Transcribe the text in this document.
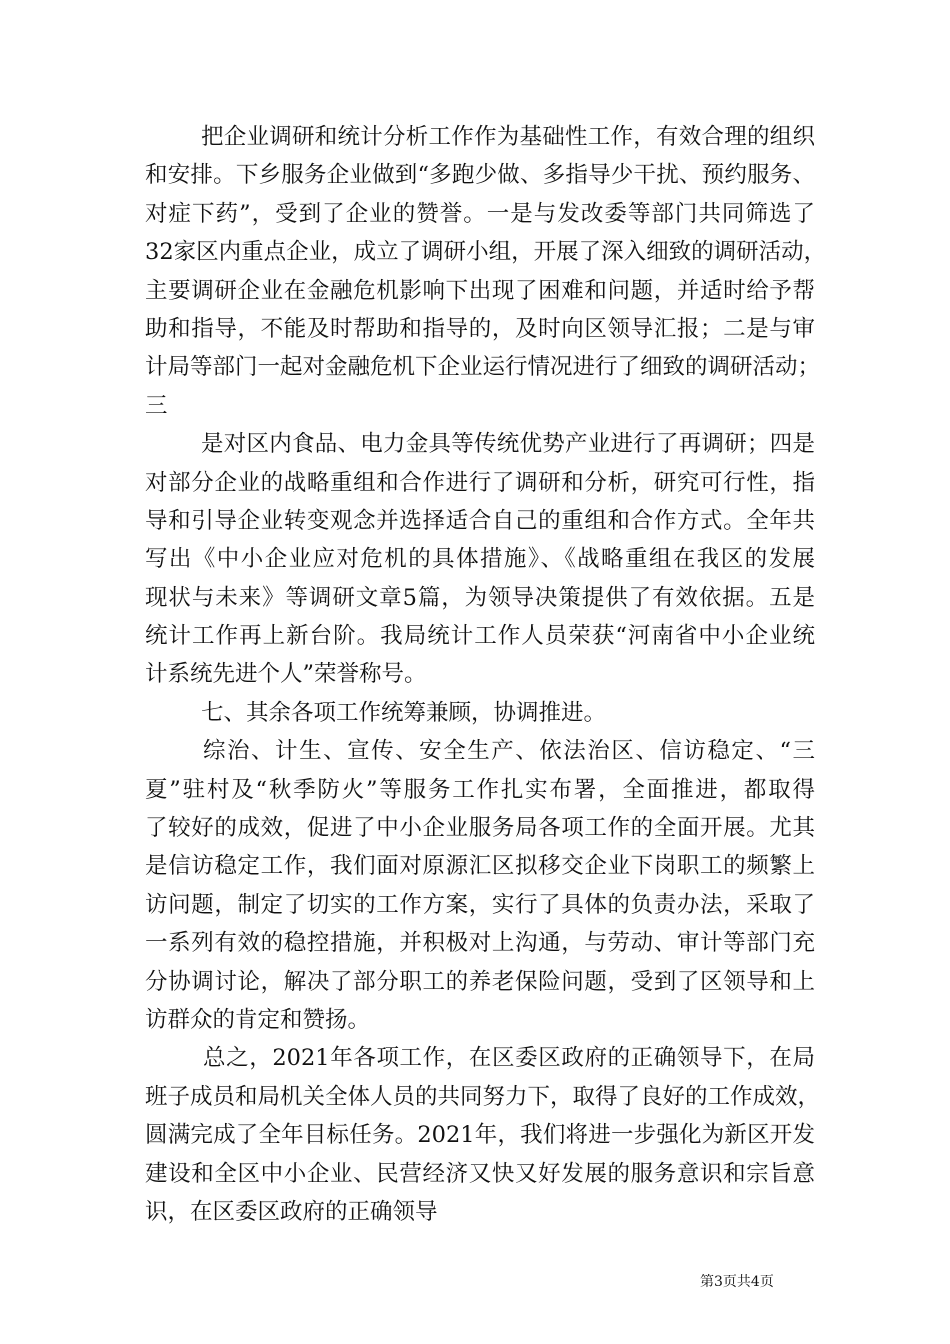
把企业调研和统计分析工作作为基础性工作，有效合理的组织
和安排。下乡服务企业做到“多跑少做、多指导少干扰、预约服务、
对症下药”，受到了企业的赞誉。一是与发改委等部门共同筛选了
32家区内重点企业，成立了调研小组，开展了深入细致的调研活动，
主要调研企业在金融危机影响下出现了困难和问题，并适时给予帮
助和指导，不能及时帮助和指导的，及时向区领导汇报；二是与审
计局等部门一起对金融危机下企业运行情况进行了细致的调研活动；
三
是对区内食品、电力金具等传统优势产业进行了再调研；四是
对部分企业的战略重组和合作进行了调研和分析，研究可行性，指
导和引导企业转变观念并选择适合自己的重组和合作方式。全年共
写出《中小企业应对危机的具体措施》、《战略重组在我区的发展
现状与未来》等调研文章5篇，为领导决策提供了有效依据。五是
统计工作再上新台阶。我局统计工作人员荣获“河南省中小企业统
计系统先进个人”荣誉称号。
七、其余各项工作统筹兼顾，协调推进。
综治、计生、宣传、安全生产、依法治区、信访稳定、“三
夏”驻村及“秋季防火”等服务工作扎实布署，全面推进，都取得
了较好的成效，促进了中小企业服务局各项工作的全面开展。尤其
是信访稳定工作，我们面对原源汇区拟移交企业下岗职工的频繁上
访问题，制定了切实的工作方案，实行了具体的负责办法，采取了
一系列有效的稳控措施，并积极对上沟通，与劳动、审计等部门充
分协调讨论，解决了部分职工的养老保险问题，受到了区领导和上
访群众的肯定和赞扬。
总之，2021年各项工作，在区委区政府的正确领导下，在局
班子成员和局机关全体人员的共同努力下，取得了良好的工作成效，
圆满完成了全年目标任务。2021年，我们将进一步强化为新区开发
建设和全区中小企业、民营经济又快又好发展的服务意识和宗旨意
识，在区委区政府的正确领导
第3页共4页
